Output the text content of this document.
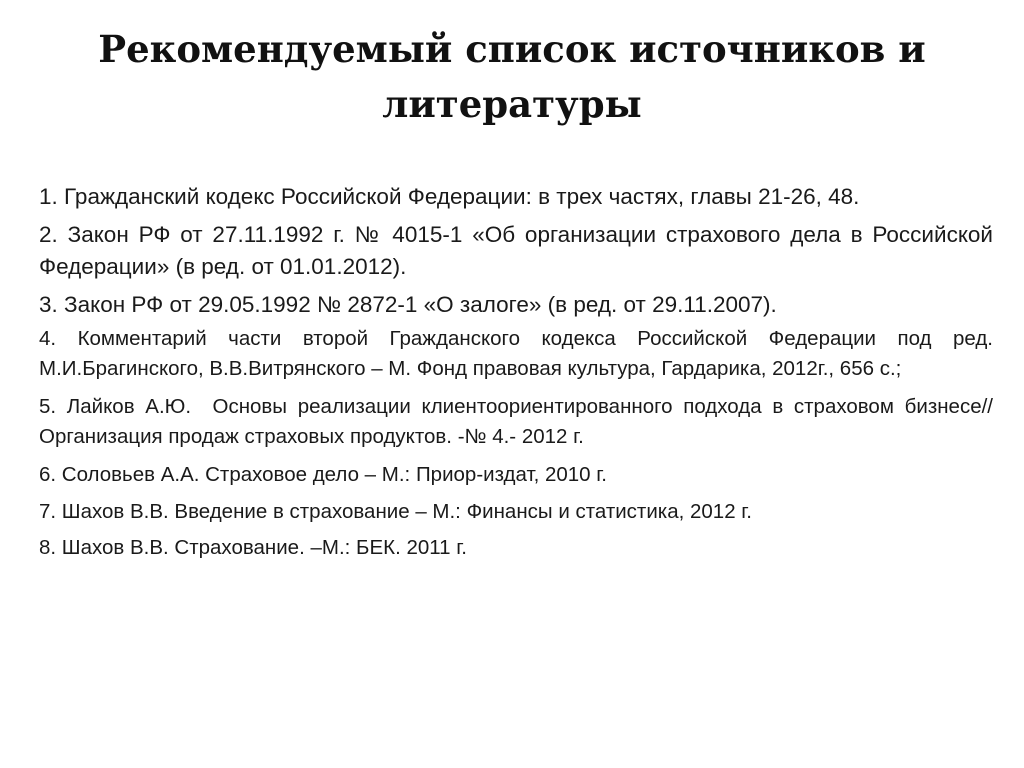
Рекомендуемый список источников и литературы
1. Гражданский кодекс Российской Федерации: в трех частях, главы 21-26, 48.
2. Закон РФ от 27.11.1992 г. № 4015-1 «Об организации страхового дела в Российской Федерации» (в ред. от 01.01.2012).
3. Закон РФ от 29.05.1992 № 2872-1 «О залоге» (в ред. от 29.11.2007).
4. Комментарий части второй Гражданского кодекса Российской Федерации под ред. М.И.Брагинского, В.В.Витрянского – М. Фонд правовая культура, Гардарика, 2012г., 656 с.;
5. Лайков А.Ю.  Основы реализации клиентоориентированного подхода в страховом бизнесе// Организация продаж страховых продуктов. -№ 4.- 2012 г.
6. Соловьев А.А. Страховое дело – М.: Приор-издат, 2010 г.
7. Шахов В.В. Введение в страхование – М.: Финансы и статистика, 2012 г.
8. Шахов В.В. Страхование. –М.: БЕК. 2011 г.
